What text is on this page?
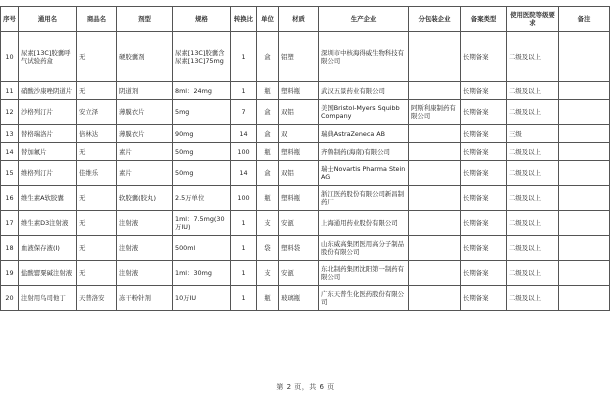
序号	通用名	商品名	剂型	规格	转换比	单位	材质	生产企业	分包装企业	备案类型	使用医院等级要求	备注
10	尿素[13C]胶囊呼气试验药盒	无	硬胶囊剂	尿素[13C]胶囊含尿素[13C]75mg	1	盒	铝塑	深圳市中核海得威生物科技有限公司		长期备案	二级及以上	
11	硝酸沙康唑阴道片	无	阴道剂	8ml：24mg	1	瓶	塑料瓶	武汉五景药业有限公司		长期备案	二级及以上	
12	沙格列汀片	安立泽	薄膜衣片	5mg	7	盒	双铝	美国Bristol-Myers Squibb Company	阿斯利康制药有限公司	长期备案	二级及以上	
13	替格瑞洛片	倍林达	薄膜衣片	90mg	14	盒	双	瑞典AstraZeneca AB		长期备案	三级	
14	替加氟片	无	素片	50mg	100	瓶	塑料瓶	齐鲁制药(海南)有限公司		长期备案	二级及以上	
15	维格列汀片	佳维乐	素片	50mg	14	盒	双铝	瑞士Novartis Pharma Stein AG		长期备案	二级及以上	
16	维生素A软胶囊	无	软胶囊(胶丸)	2.5万单位	100	瓶	塑料瓶	浙江医药股份有限公司新昌制药厂		长期备案	二级及以上	
17	维生素D3注射液	无	注射液	1ml：7.5mg(30万IU)	1	支	安瓿	上海通用药业股份有限公司		长期备案	二级及以上	
18	血液保存液(I)	无	注射液	500ml	1	袋	塑料袋	山东威高集团医用高分子制品股份有限公司		长期备案	二级及以上	
19	盐酸罂粟碱注射液	无	注射液	1ml：30mg	1	支	安瓿	东北制药集团沈阳第一制药有限公司		长期备案	二级及以上	
20	注射用鸟司他丁	天普洛安	冻干粉针剂	10万IU	1	瓶	玻璃瓶	广东天普生化医药股份有限公司		长期备案	二级及以上	
第 2 页，共 6 页
